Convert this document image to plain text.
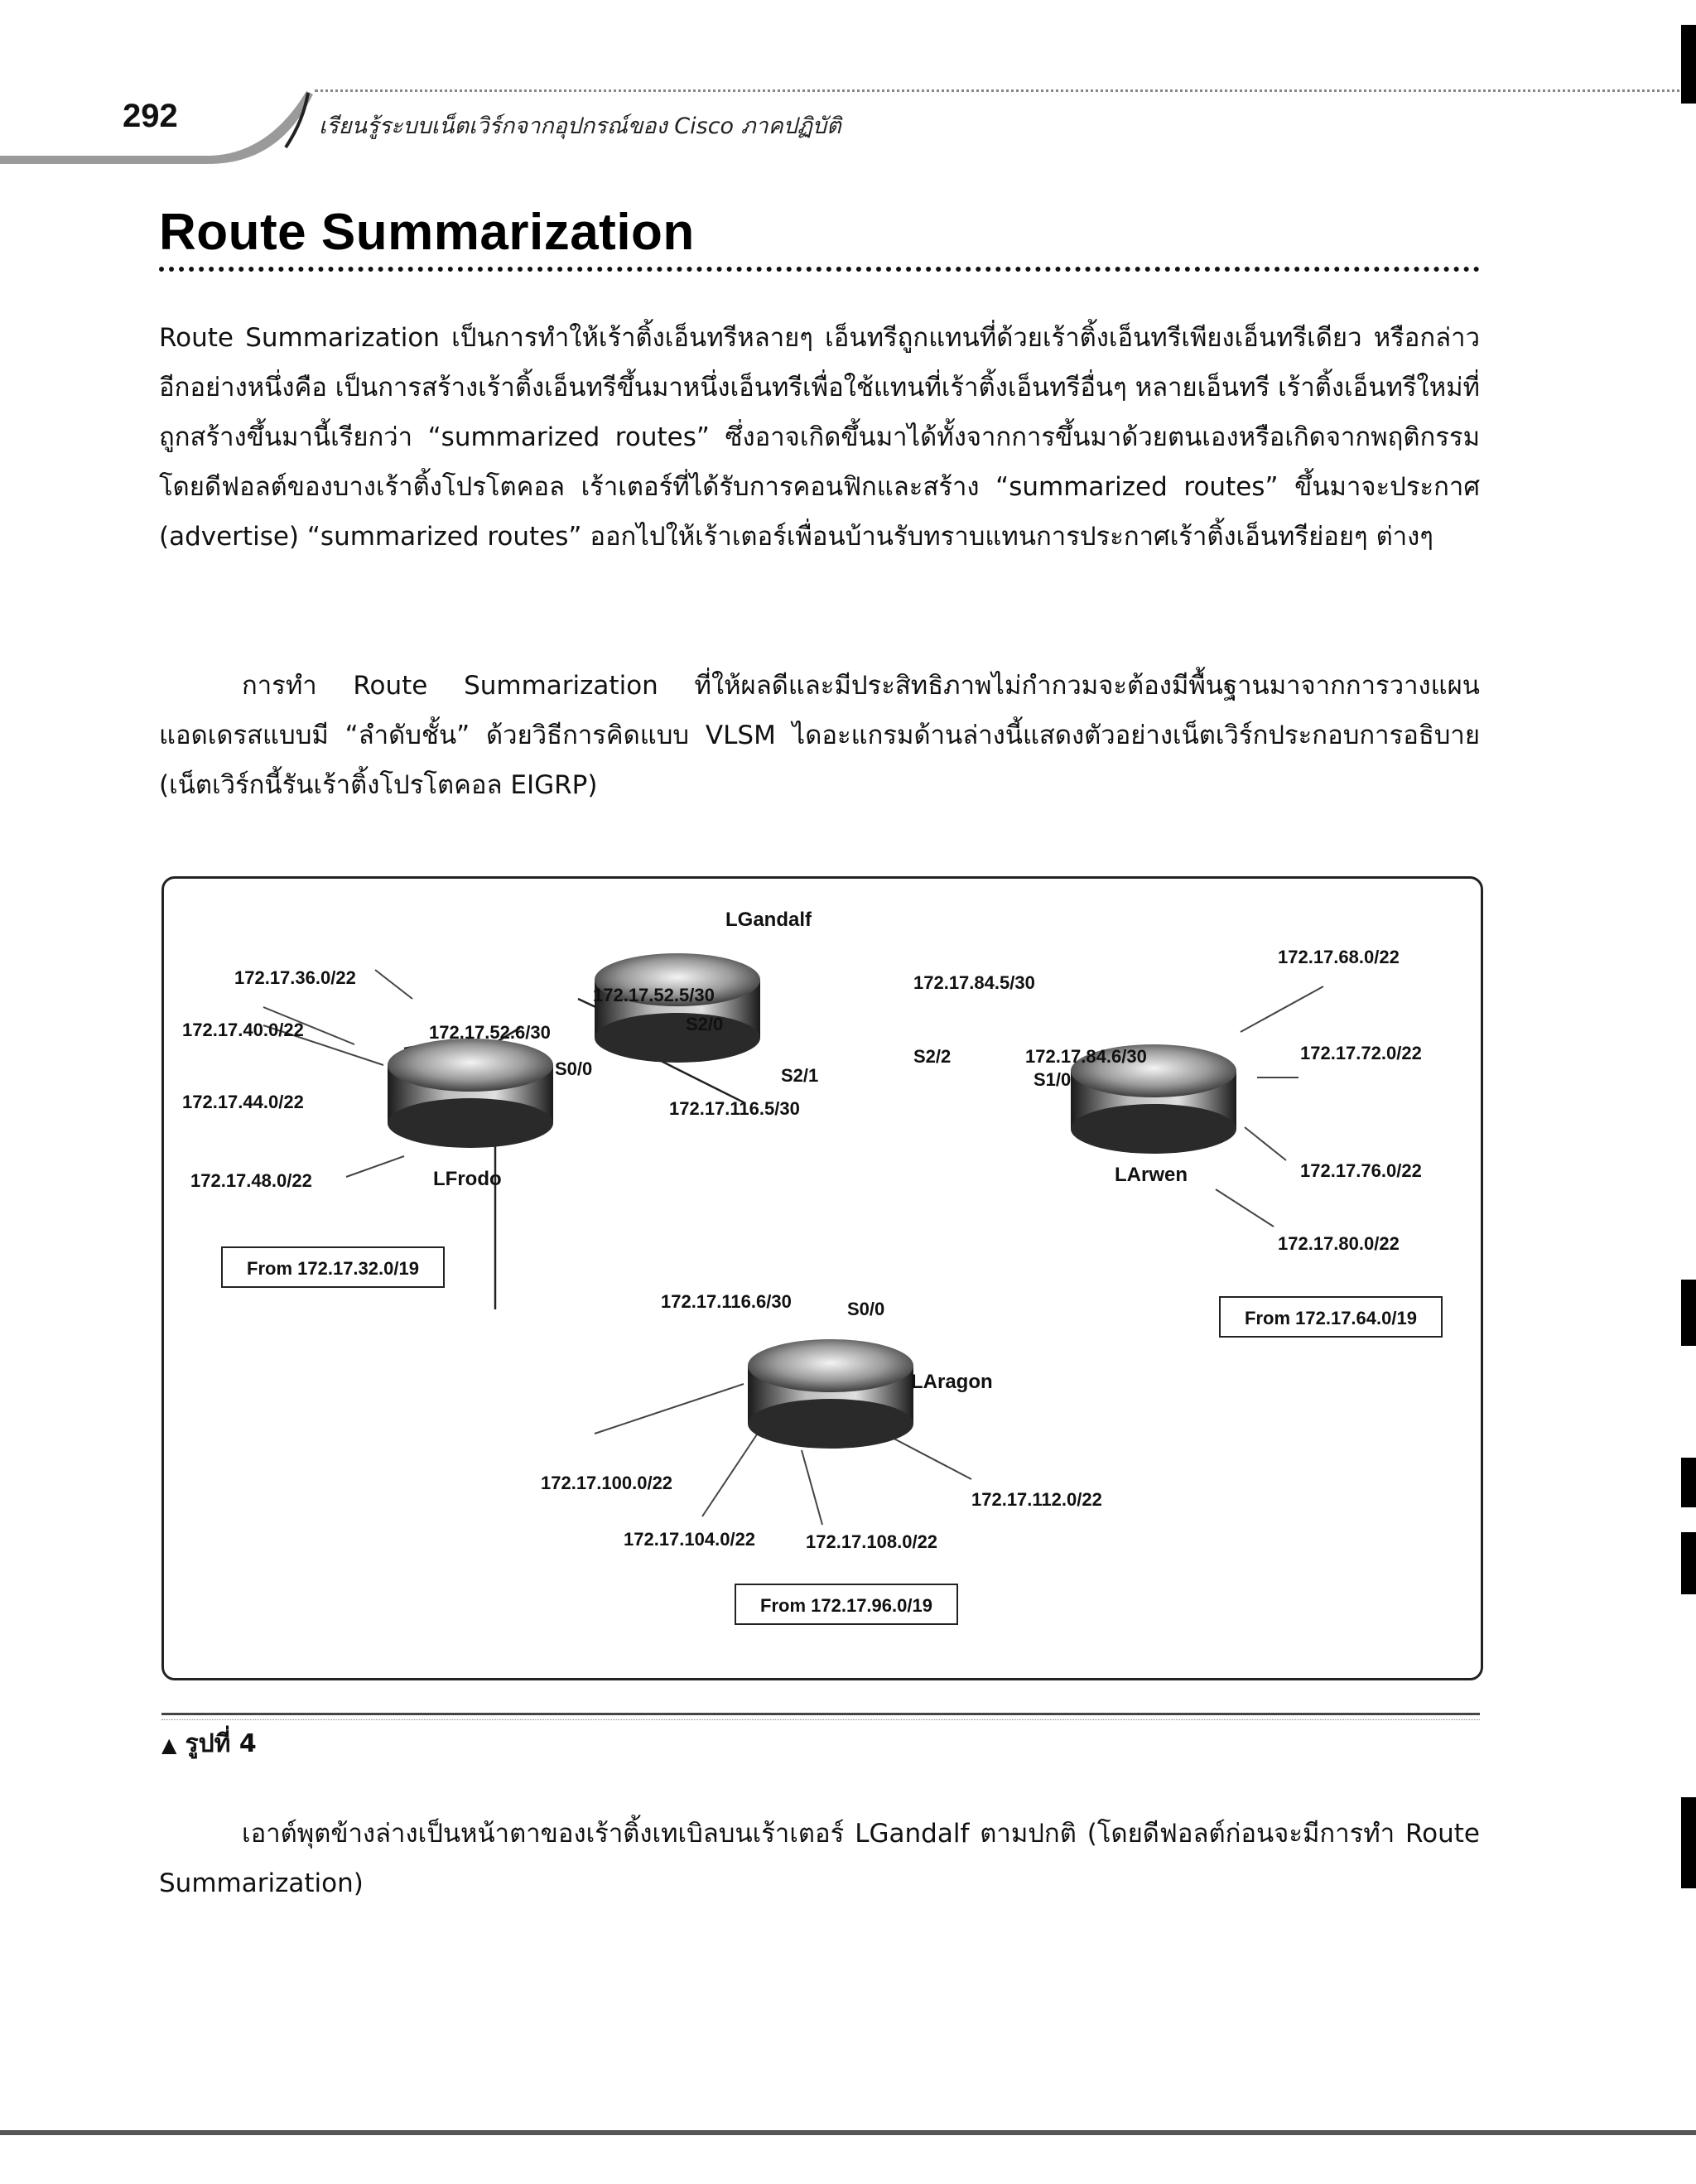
292	เรียนรู้ระบบเน็ตเวิร์กจากอุปกรณ์ของ Cisco ภาคปฏิบัติ
Route Summarization

Route Summarization เป็นการทำให้เร้าติ้งเอ็นทรีหลายๆ เอ็นทรีถูกแทนที่ด้วยเร้าติ้งเอ็นทรีเพียงเอ็นทรีเดียว หรือกล่าวอีกอย่างหนึ่งคือ เป็นการสร้างเร้าติ้งเอ็นทรีขึ้นมาหนึ่งเอ็นทรีเพื่อใช้แทนที่เร้าติ้งเอ็นทรีอื่นๆ หลายเอ็นทรี เร้าติ้งเอ็นทรีใหม่ที่ถูกสร้างขึ้นมานี้เรียกว่า “summarized routes” ซึ่งอาจเกิดขึ้นมาได้ทั้งจากการขึ้นมาด้วยตนเองหรือเกิดจากพฤติกรรมโดยดีฟอลต์ของบางเร้าติ้งโปรโตคอล เร้าเตอร์ที่ได้รับการคอนฟิกและสร้าง “summarized routes” ขึ้นมาจะประกาศ (advertise) “summarized routes” ออกไปให้เร้าเตอร์เพื่อนบ้านรับทราบแทนการประกาศเร้าติ้งเอ็นทรีย่อยๆ ต่างๆ

การทำ Route Summarization ที่ให้ผลดีและมีประสิทธิภาพไม่กำกวมจะต้องมีพื้นฐานมาจากการวางแผนแอดเดรสแบบมี “ลำดับชั้น” ด้วยวิธีการคิดแบบ VLSM ไดอะแกรมด้านล่างนี้แสดงตัวอย่างเน็ตเวิร์กประกอบการอธิบาย (เน็ตเวิร์กนี้รันเร้าติ้งโปรโตคอล EIGRP)

LGandalf
LFrodo	LArwen
LAragon
172.17.52.5/30
S2/0
172.17.52.6/30
S0/0
172.17.84.5/30
S2/2	172.17.84.6/30
S1/0
S2/1
172.17.116.5/30
172.17.116.6/30	S0/0
172.17.36.0/22
172.17.40.0/22
172.17.44.0/22
172.17.48.0/22
172.17.68.0/22
172.17.72.0/22
172.17.76.0/22
172.17.80.0/22
172.17.100.0/22
172.17.104.0/22	172.17.108.0/22
172.17.112.0/22
From 172.17.32.0/19
From 172.17.64.0/19
From 172.17.96.0/19
▲ รูปที่ 4

เอาต์พุตข้างล่างเป็นหน้าตาของเร้าติ้งเทเบิลบนเร้าเตอร์ LGandalf ตามปกติ (โดยดีฟอลต์ก่อนจะมีการทำ Route Summarization)
